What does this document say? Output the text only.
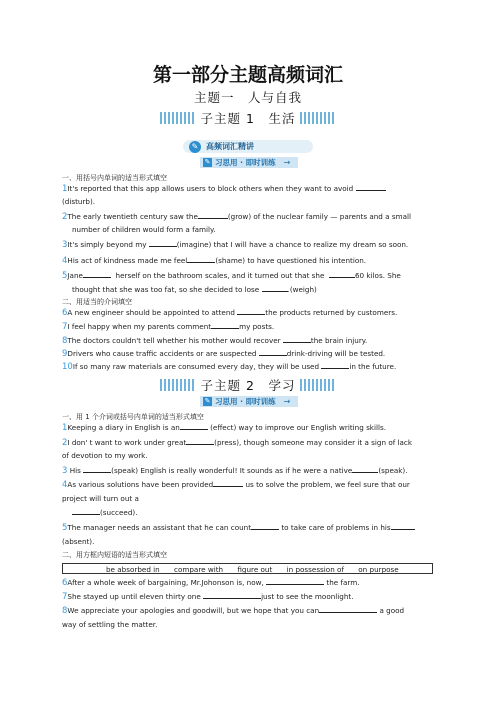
第一部分主题高频词汇
主题一　人与自我
子主题 1　生活
✎ 高频词汇精讲
✎ 习思用 · 即时训练 →
一、用括号内单词的适当形式填空
1It's reported that this app allows users to block others when they want to avoid
(disturb).
2The early twentieth century saw the	(grow) of the nuclear family — parents and a small
number of children would form a family.
3It's simply beyond my	(imagine) that I will have a chance to realize my dream so soon.
4His act of kindness made me feel	(shame) to have questioned his intention.
5Jane	herself on the bathroom scales, and it turned out that she	60 kilos. She
thought that she was too fat, so she decided to lose	.(weigh)
二、用适当的介词填空
6A new engineer should be appointed to attend	the products returned by customers.
7I feel happy when my parents comment	my posts.
8The doctors couldn't tell whether his mother would recover	the brain injury.
9Drivers who cause traffic accidents or are suspected	drink-driving will be tested.
10If so many raw materials are consumed every day, they will be used	in the future.
子主题 2　学习
✎ 习思用 · 即时训练 →
一、用 1 个介词或括号内单词的适当形式填空
1Keeping a diary in English is an	(effect) way to improve our English writing skills.
2I don' t want to work under great	(press), though someone may consider it a sign of lack
of devotion to my work.
3 His	(speak) English is really wonderful! It sounds as if he were a native	(speak).
4As various solutions have been provided	us to solve the problem, we feel sure that our
project will turn out a
(succeed).
5The manager needs an assistant that he can count	to take care of problems in his
(absent).
二、用方框内短语的适当形式填空
be absorbed in compare with figure out in possession of on purpose
6After a whole week of bargaining, Mr.Johonson is, now,	the farm.
7She stayed up until eleven thirty one	just to see the moonlight.
8We appreciate your apologies and goodwill, but we hope that you can	a good
way of settling the matter.
